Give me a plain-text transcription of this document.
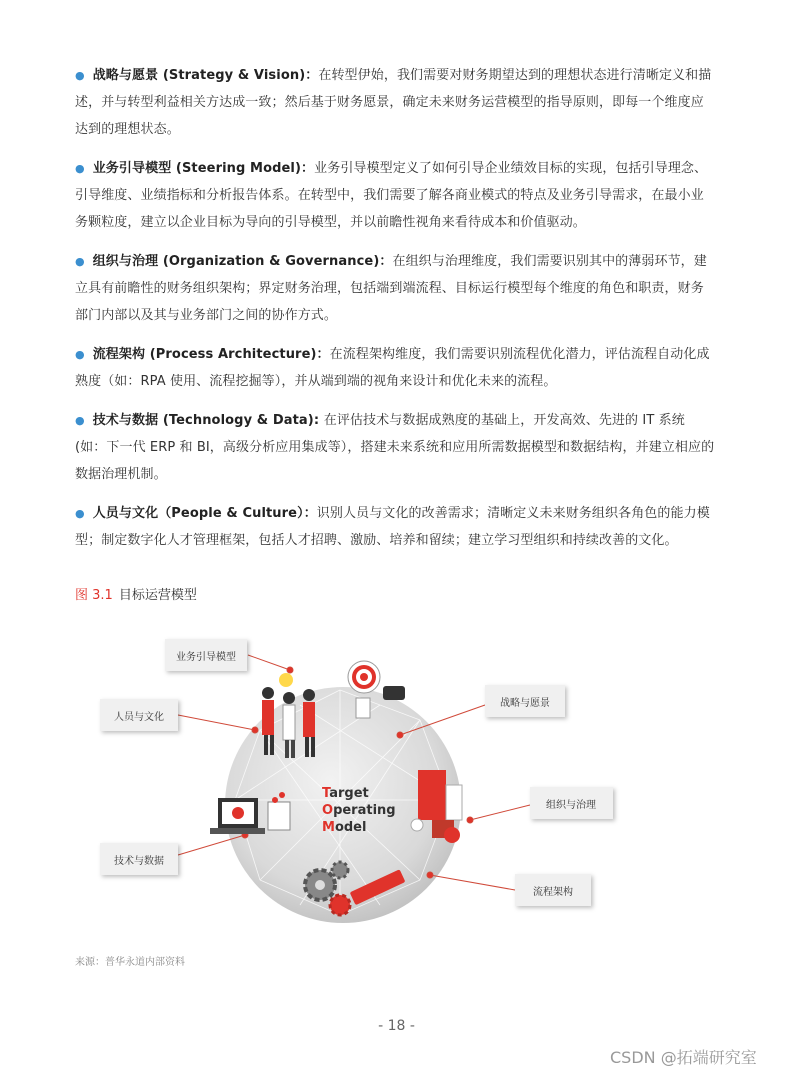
● 战略与愿景 (Strategy & Vision)：在转型伊始，我们需要对财务期望达到的理想状态进行清晰定义和描述，并与转型利益相关方达成一致；然后基于财务愿景，确定未来财务运营模型的指导原则，即每一个维度应达到的理想状态。

● 业务引导模型 (Steering Model)：业务引导模型定义了如何引导企业绩效目标的实现，包括引导理念、引导维度、业绩指标和分析报告体系。在转型中，我们需要了解各商业模式的特点及业务引导需求，在最小业务颗粒度，建立以企业目标为导向的引导模型，并以前瞻性视角来看待成本和价值驱动。

● 组织与治理 (Organization & Governance)：在组织与治理维度，我们需要识别其中的薄弱环节，建立具有前瞻性的财务组织架构；界定财务治理，包括端到端流程、目标运行模型每个维度的角色和职责，财务部门内部以及其与业务部门之间的协作方式。

● 流程架构 (Process Architecture)：在流程架构维度，我们需要识别流程优化潜力，评估流程自动化成熟度（如：RPA 使用、流程挖掘等），并从端到端的视角来设计和优化未来的流程。

● 技术与数据 (Technology & Data): 在评估技术与数据成熟度的基础上，开发高效、先进的 IT 系统 (如：下一代 ERP 和 BI，高级分析应用集成等），搭建未来系统和应用所需数据模型和数据结构，并建立相应的数据治理机制。

● 人员与文化（People & Culture）：识别人员与文化的改善需求；清晰定义未来财务组织各角色的能力模型；制定数字化人才管理框架，包括人才招聘、激励、培养和留续；建立学习型组织和持续改善的文化。

图 3.1 目标运营模型
Target
Operating
Model
业务引导模型
人员与文化
战略与愿景
组织与治理
技术与数据
流程架构
来源：普华永道内部资料
- 18 -
CSDN @拓端研究室
